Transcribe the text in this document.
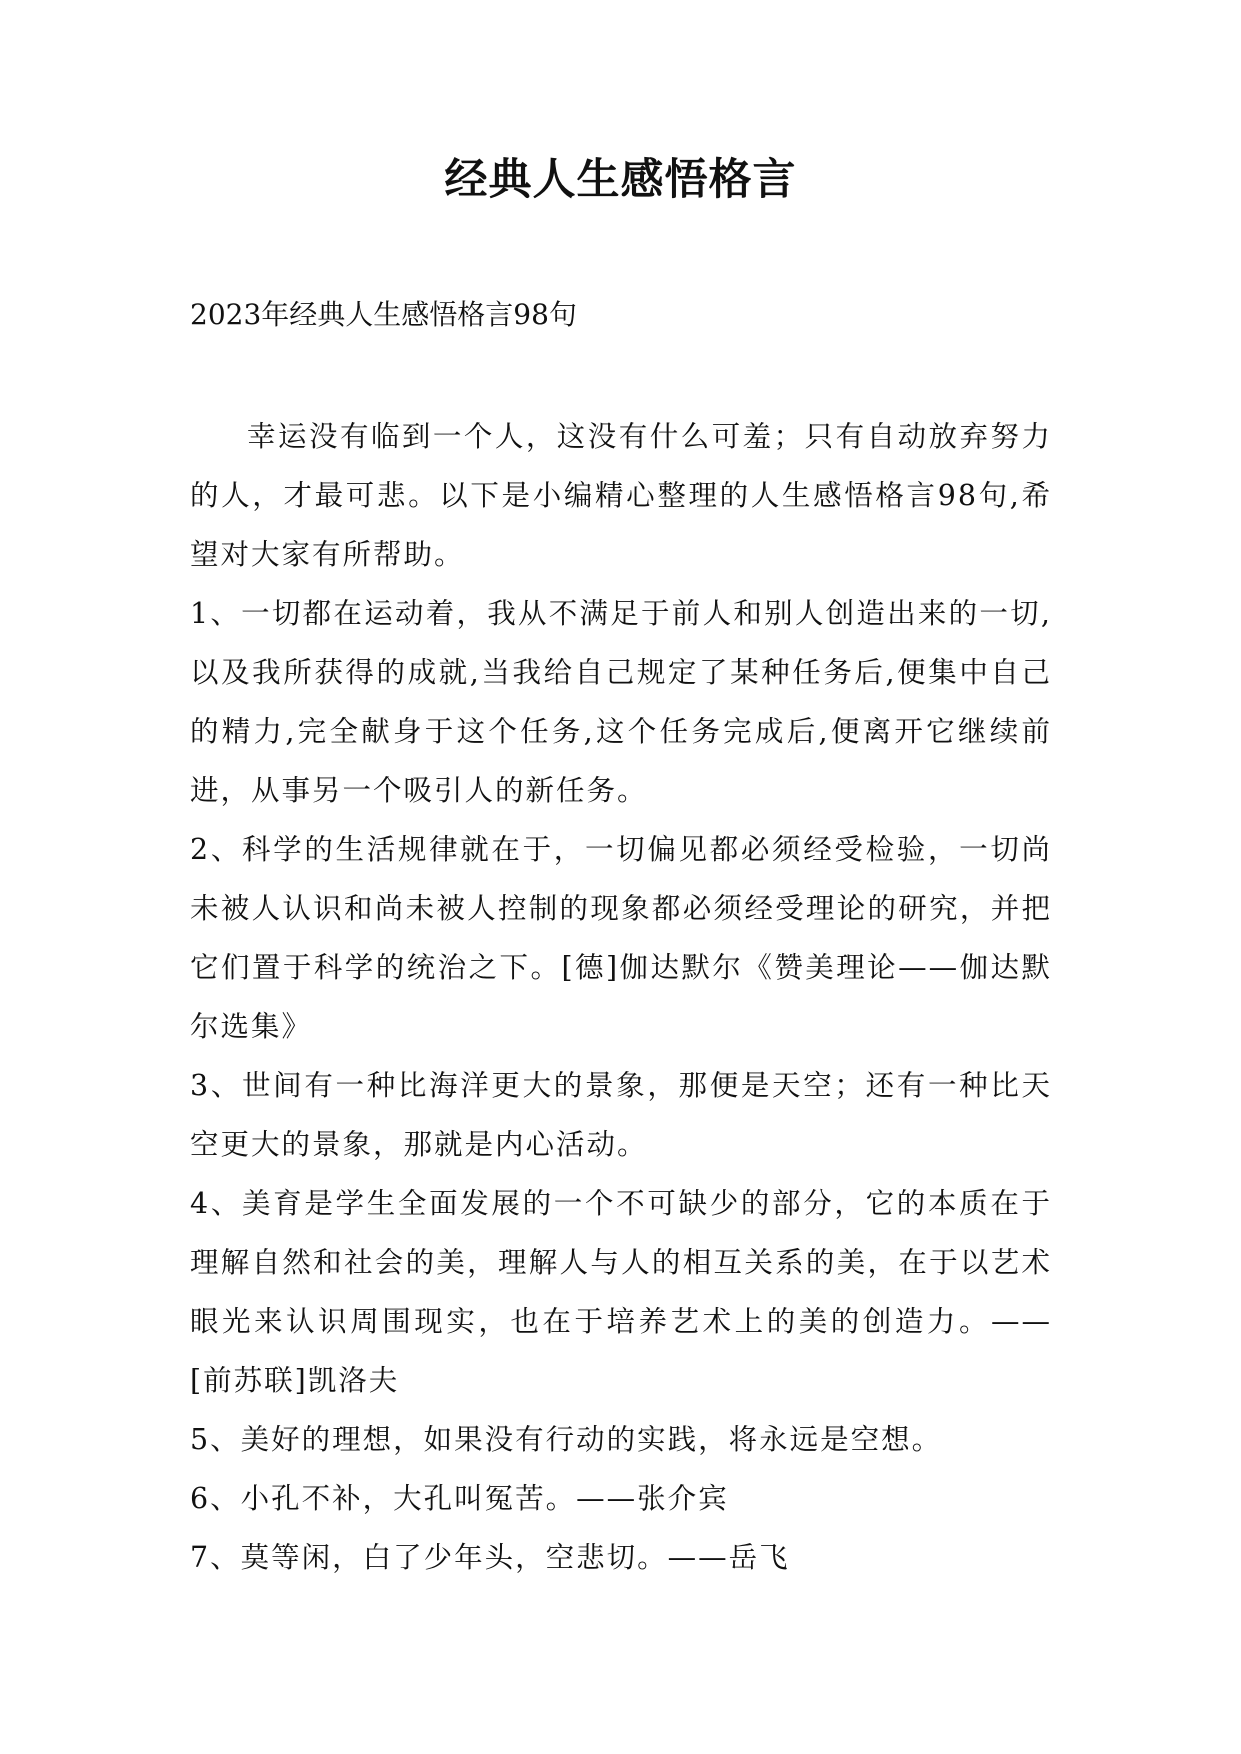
经典人生感悟格言

2023年经典人生感悟格言98句

幸运没有临到一个人，这没有什么可羞；只有自动放弃努力的人，才最可悲。以下是小编精心整理的人生感悟格言98句,希望对大家有所帮助。

1、一切都在运动着，我从不满足于前人和别人创造出来的一切,以及我所获得的成就,当我给自己规定了某种任务后,便集中自己的精力,完全献身于这个任务,这个任务完成后,便离开它继续前进，从事另一个吸引人的新任务。

2、科学的生活规律就在于，一切偏见都必须经受检验，一切尚未被人认识和尚未被人控制的现象都必须经受理论的研究，并把它们置于科学的统治之下。[德]伽达默尔《赞美理论——伽达默尔选集》

3、世间有一种比海洋更大的景象，那便是天空；还有一种比天空更大的景象，那就是内心活动。

4、美育是学生全面发展的一个不可缺少的部分，它的本质在于理解自然和社会的美，理解人与人的相互关系的美，在于以艺术眼光来认识周围现实，也在于培养艺术上的美的创造力。——[前苏联]凯洛夫

5、美好的理想，如果没有行动的实践，将永远是空想。

6、小孔不补，大孔叫冤苦。——张介宾

7、莫等闲，白了少年头，空悲切。——岳飞
